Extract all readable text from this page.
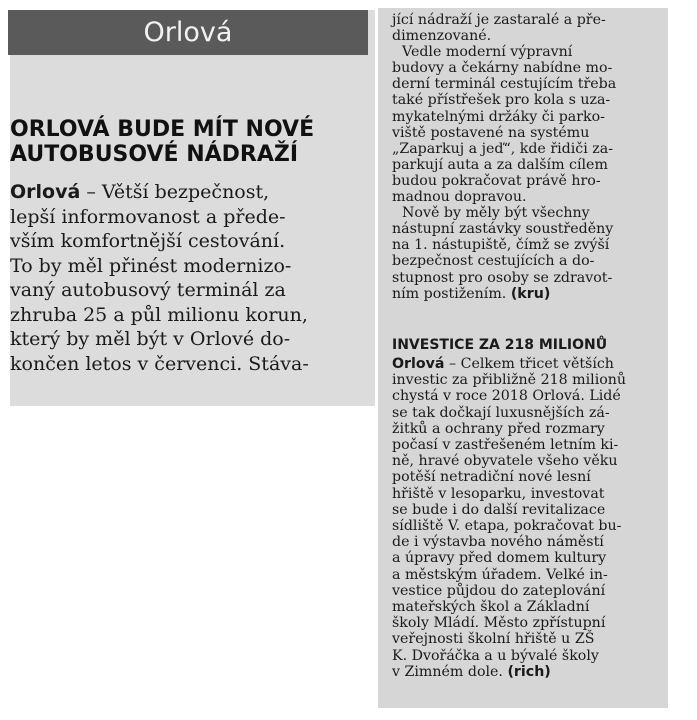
Orlová
ORLOVÁ BUDE MÍT NOVÉ
AUTOBUSOVÉ NÁDRAŽÍ
Orlová – Větší bezpečnost,
lepší informovanost a přede-
vším komfortnější cestování.
To by měl přinést modernizo-
vaný autobusový terminál za
zhruba 25 a půl milionu korun,
který by měl být v Orlové do-
končen letos v červenci. Stáva-
jící nádraží je zastaralé a pře-
dimenzované.
Vedle moderní výpravní
budovy a čekárny nabídne mo-
derní terminál cestujícím třeba
také přístřešek pro kola s uza-
mykatelnými držáky či parko-
viště postavené na systému
„Zaparkuj a jeď“, kde řidiči za-
parkují auta a za dalším cílem
budou pokračovat právě hro-
madnou dopravou.
Nově by měly být všechny
nástupní zastávky soustředěny
na 1. nástupiště, čímž se zvýší
bezpečnost cestujících a do-
stupnost pro osoby se zdravot-
ním postižením. (kru)
INVESTICE ZA 218 MILIONŮ
Orlová – Celkem třicet větších
investic za přibližně 218 milionů
chystá v roce 2018 Orlová. Lidé
se tak dočkají luxusnějších zá-
žitků a ochrany před rozmary
počasí v zastřešeném letním ki-
ně, hravé obyvatele všeho věku
potěší netradiční nové lesní
hřiště v lesoparku, investovat
se bude i do další revitalizace
sídliště V. etapa, pokračovat bu-
de i výstavba nového náměstí
a úpravy před domem kultury
a městským úřadem. Velké in-
vestice půjdou do zateplování
mateřských škol a Základní
školy Mládí. Město zpřístupní
veřejnosti školní hřiště u ZŠ
K. Dvořáčka a u bývalé školy
v Zimném dole. (rich)
